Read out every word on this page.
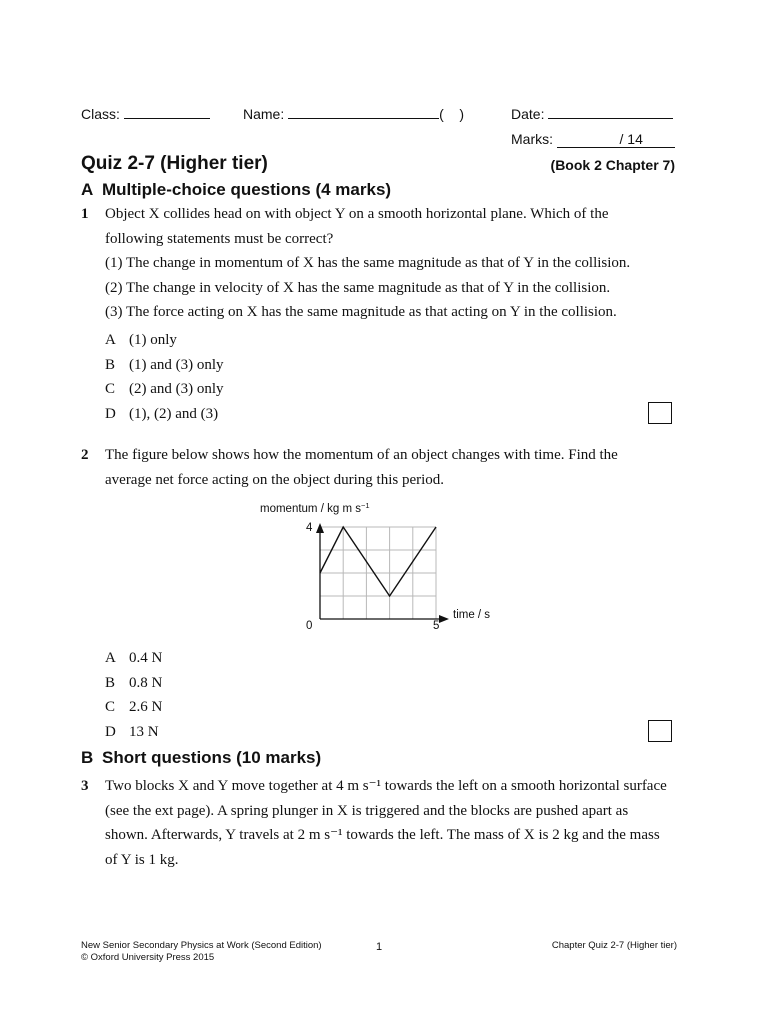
Class:	Name:	(    )	Date:
Marks:	/ 14
Quiz 2-7 (Higher tier)	(Book 2 Chapter 7)
A Multiple-choice questions (4 marks)
1 Object X collides head on with object Y on a smooth horizontal plane. Which of the
following statements must be correct?
(1) The change in momentum of X has the same magnitude as that of Y in the collision.
(2) The change in velocity of X has the same magnitude as that of Y in the collision.
(3) The force acting on X has the same magnitude as that acting on Y in the collision.
A (1) only
B (1) and (3) only
C (2) and (3) only
D (1), (2) and (3)
2 The figure below shows how the momentum of an object changes with time. Find the
average net force acting on the object during this period.
momentum / kg m $s^{-1}$
time / s
4
0	5
A 0.4 N
B 0.8 N
C 2.6 N
D 13 N
B Short questions (10 marks)
3 Two blocks X and Y move together at 4 m s⁻¹ towards the left on a smooth horizontal surface
(see the ext page). A spring plunger in X is triggered and the blocks are pushed apart as
shown. Afterwards, Y travels at 2 m s⁻¹ towards the left. The mass of X is 2 kg and the mass
of Y is 1 kg.
New Senior Secondary Physics at Work (Second Edition)
© Oxford University Press 2015
1	Chapter Quiz 2-7 (Higher tier)
